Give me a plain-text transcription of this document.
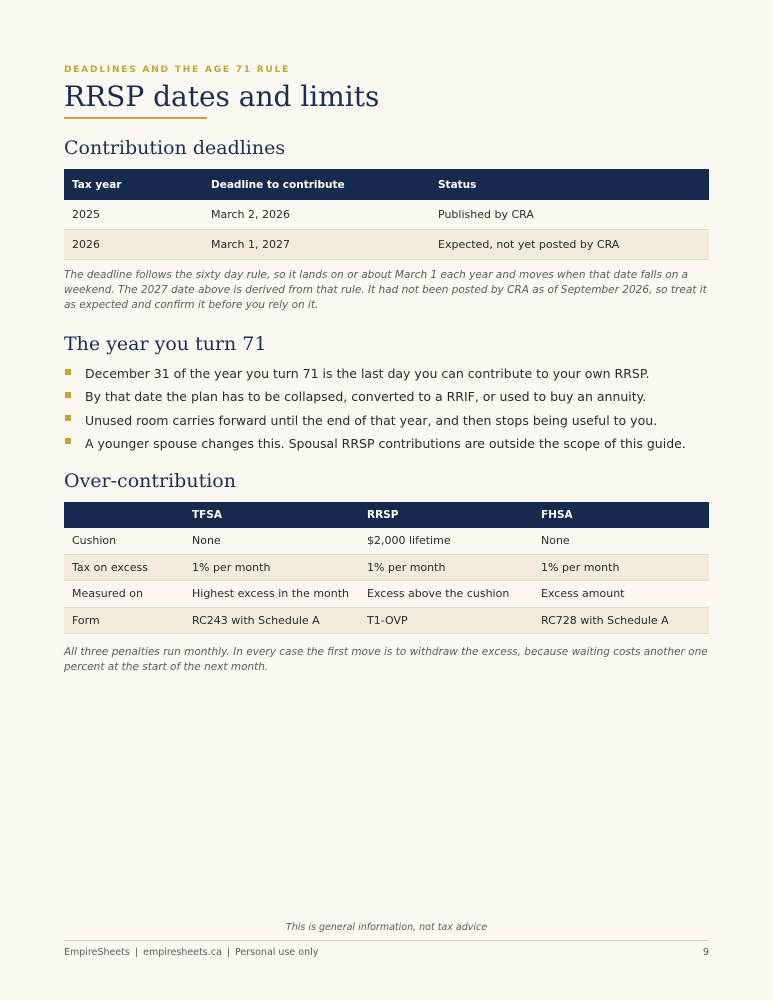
DEADLINES AND THE AGE 71 RULE
RRSP dates and limits
Contribution deadlines
Tax year	Deadline to contribute	Status
2025	March 2, 2026	Published by CRA
2026	March 1, 2027	Expected, not yet posted by CRA

The deadline follows the sixty day rule, so it lands on or about March 1 each year and moves when that date falls on a weekend. The 2027 date above is derived from that rule. It had not been posted by CRA as of September 2026, so treat it as expected and confirm it before you rely on it.

The year you turn 71
December 31 of the year you turn 71 is the last day you can contribute to your own RRSP.
By that date the plan has to be collapsed, converted to a RRIF, or used to buy an annuity.
Unused room carries forward until the end of that year, and then stops being useful to you.
A younger spouse changes this. Spousal RRSP contributions are outside the scope of this guide.
Over-contribution
	TFSA	RRSP	FHSA
Cushion	None	$2,000 lifetime	None
Tax on excess	1% per month	1% per month	1% per month
Measured on	Highest excess in the month	Excess above the cushion	Excess amount
Form	RC243 with Schedule A	T1-OVP	RC728 with Schedule A

All three penalties run monthly. In every case the first move is to withdraw the excess, because waiting costs another one percent at the start of the next month.

This is general information, not tax advice
EmpireSheets | empiresheets.ca | Personal use only	9
